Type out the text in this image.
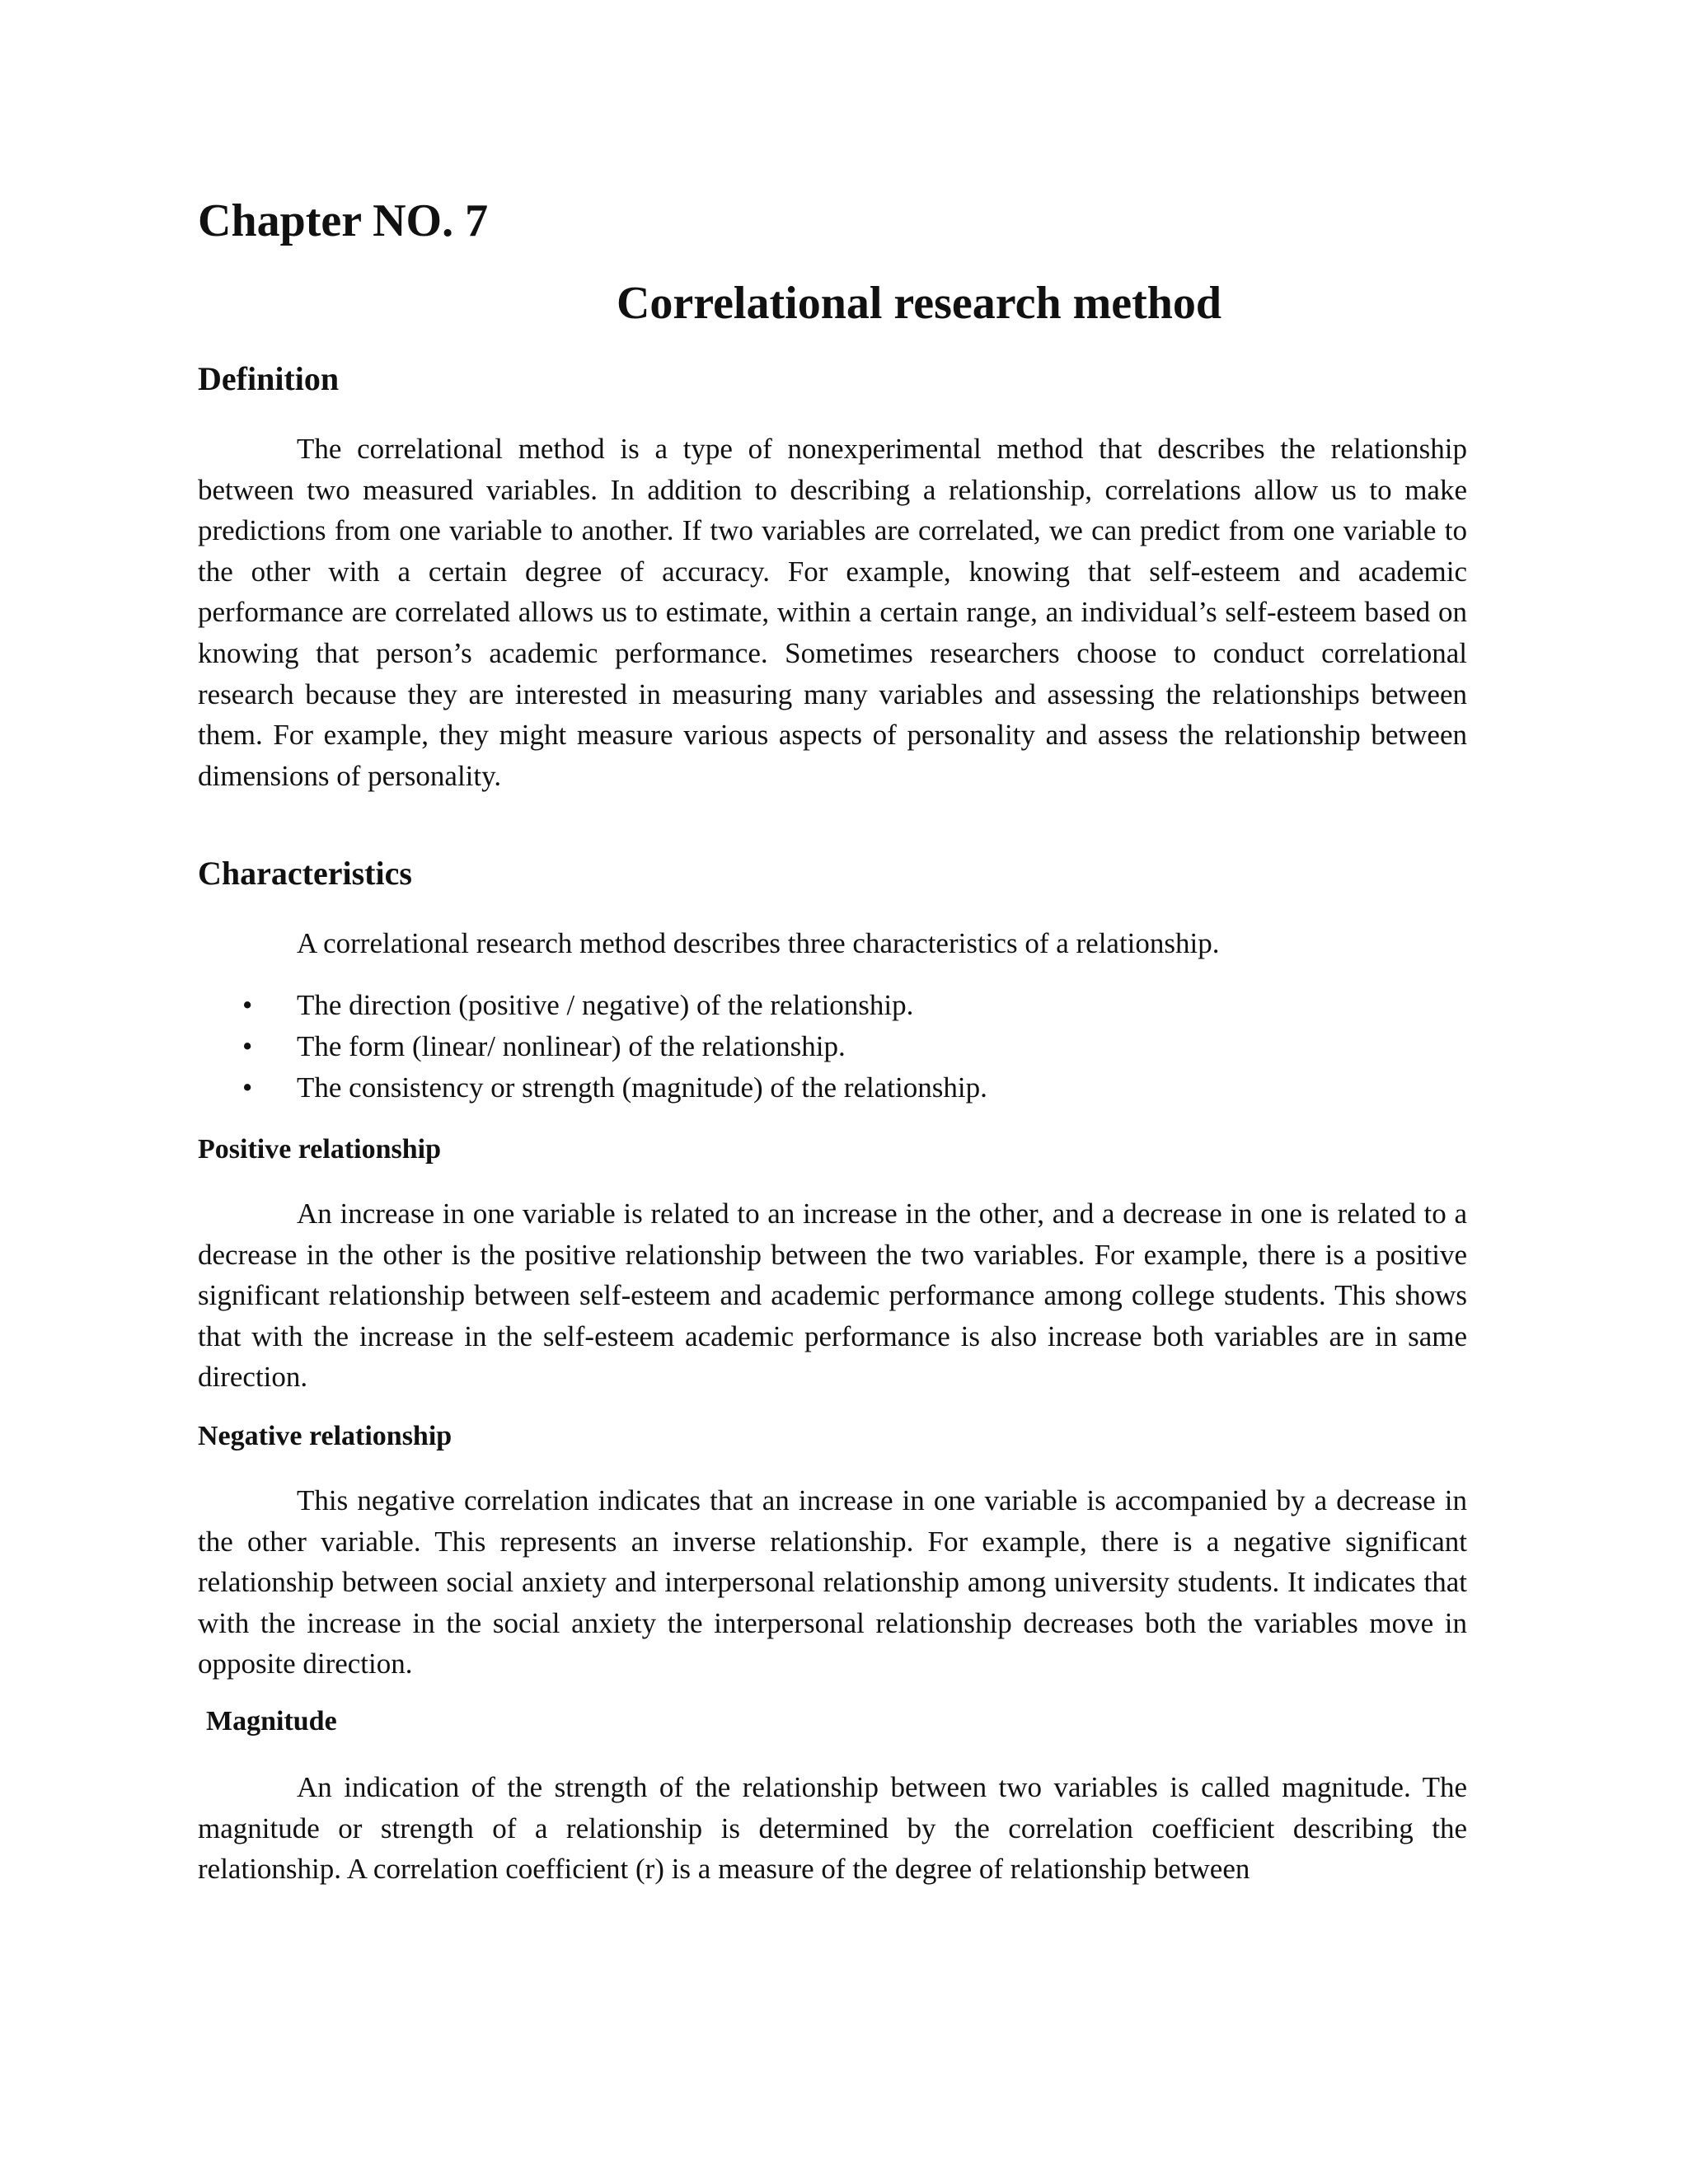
Chapter NO. 7
Correlational research method
Definition

The correlational method is a type of nonexperimental method that describes the relationship between two measured variables. In addition to describing a relationship, correlations allow us to make predictions from one variable to another. If two variables are correlated, we can predict from one variable to the other with a certain degree of accuracy. For example, knowing that self-esteem and academic performance are correlated allows us to estimate, within a certain range, an individual’s self-esteem based on knowing that person’s academic performance. Sometimes researchers choose to conduct correlational research because they are interested in measuring many variables and assessing the relationships between them. For example, they might measure various aspects of personality and assess the relationship between dimensions of personality.

Characteristics
A correlational research method describes three characteristics of a relationship.
• The direction (positive / negative) of the relationship.
• The form (linear/ nonlinear) of the relationship.
• The consistency or strength (magnitude) of the relationship.
Positive relationship

An increase in one variable is related to an increase in the other, and a decrease in one is related to a decrease in the other is the positive relationship between the two variables. For example, there is a positive significant relationship between self-esteem and academic performance among college students. This shows that with the increase in the self-esteem academic performance is also increase both variables are in same direction.

Negative relationship

This negative correlation indicates that an increase in one variable is accompanied by a decrease in the other variable. This represents an inverse relationship. For example, there is a negative significant relationship between social anxiety and interpersonal relationship among university students. It indicates that with the increase in the social anxiety the interpersonal relationship decreases both the variables move in opposite direction.

Magnitude

An indication of the strength of the relationship between two variables is called magnitude. The magnitude or strength of a relationship is determined by the correlation coefficient describing the relationship. A correlation coefficient (r) is a measure of the degree of relationship between
